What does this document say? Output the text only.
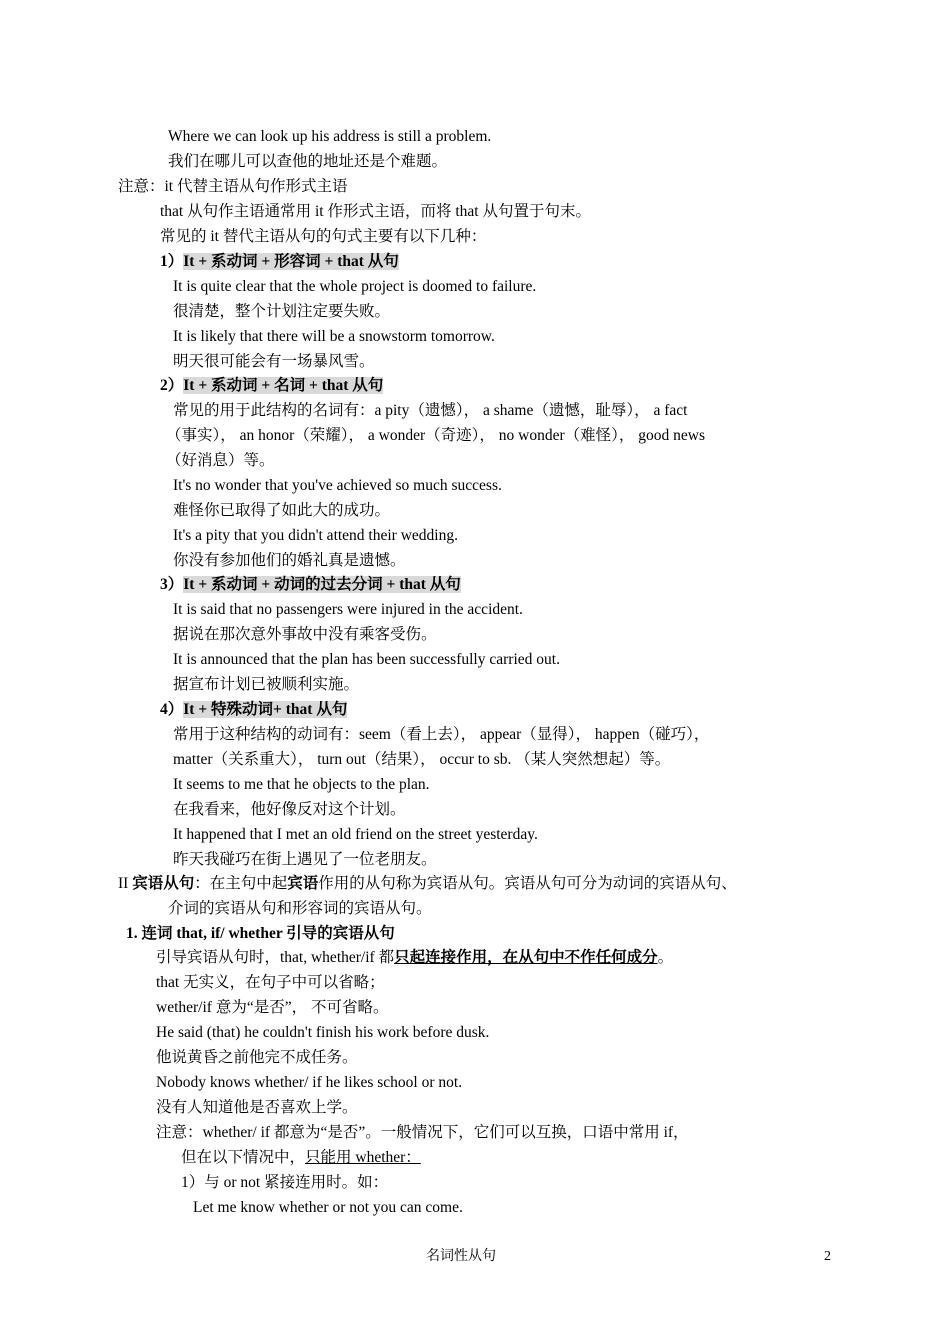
Where we can look up his address is still a problem.
我们在哪儿可以查他的地址还是个难题。
注意：it 代替主语从句作形式主语
that 从句作主语通常用 it 作形式主语，而将 that 从句置于句末。
常见的 it 替代主语从句的句式主要有以下几种：
1）It + 系动词 + 形容词 + that 从句
It is quite clear that the whole project is doomed to failure.
很清楚，整个计划注定要失败。
It is likely that there will be a snowstorm tomorrow.
明天很可能会有一场暴风雪。
2）It + 系动词 + 名词 + that 从句
常见的用于此结构的名词有：a pity（遗憾）， a shame（遗憾，耻辱）， a fact
（事实）， an honor（荣耀）， a wonder（奇迹）， no wonder（难怪）， good news
（好消息）等。
It's no wonder that you've achieved so much success.
难怪你已取得了如此大的成功。
It's a pity that you didn't attend their wedding.
你没有参加他们的婚礼真是遗憾。
3）It + 系动词 + 动词的过去分词 + that 从句
It is said that no passengers were injured in the accident.
据说在那次意外事故中没有乘客受伤。
It is announced that the plan has been successfully carried out.
据宣布计划已被顺利实施。
4）It + 特殊动词+ that 从句
常用于这种结构的动词有：seem（看上去）， appear（显得）， happen（碰巧），
matter（关系重大）， turn out（结果）， occur to sb. （某人突然想起）等。
It seems to me that he objects to the plan.
在我看来，他好像反对这个计划。
It happened that I met an old friend on the street yesterday.
昨天我碰巧在街上遇见了一位老朋友。
II 宾语从句：在主句中起宾语作用的从句称为宾语从句。宾语从句可分为动词的宾语从句、
介词的宾语从句和形容词的宾语从句。
1. 连词 that, if/ whether 引导的宾语从句
引导宾语从句时，that, whether/if 都只起连接作用，在从句中不作任何成分。
that 无实义，在句子中可以省略；
wether/if 意为“是否”， 不可省略。
He said (that) he couldn't finish his work before dusk.
他说黄昏之前他完不成任务。
Nobody knows whether/ if he likes school or not.
没有人知道他是否喜欢上学。
注意：whether/ if 都意为“是否”。一般情况下，它们可以互换，口语中常用 if，
但在以下情况中，只能用 whether：
1）与 or not 紧接连用时。如：
Let me know whether or not you can come.
名词性从句	2
